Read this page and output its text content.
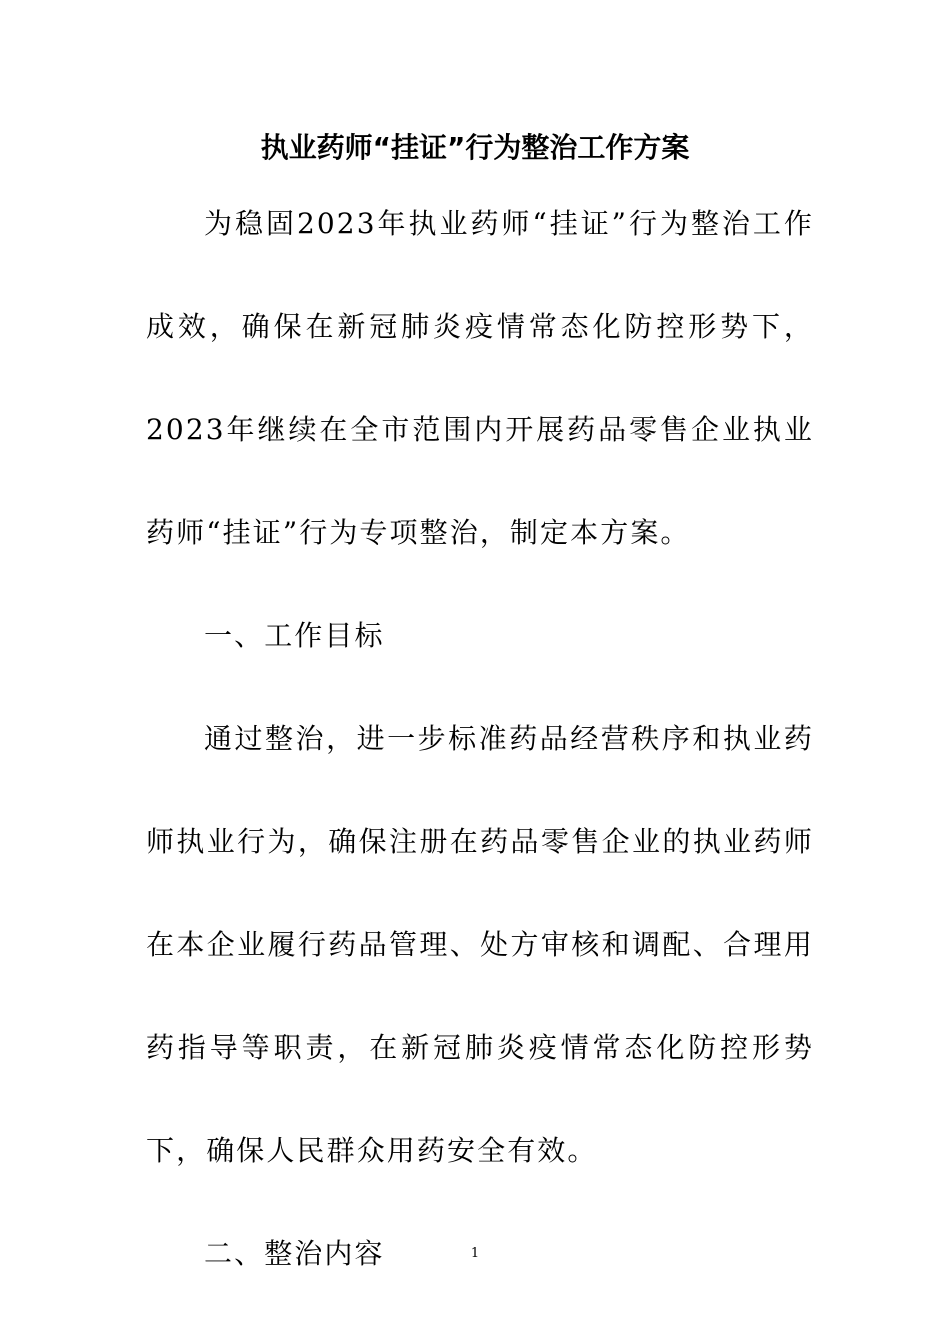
执业药师“挂证”行为整治工作方案

为稳固2023年执业药师“挂证”行为整治工作成效，确保在新冠肺炎疫情常态化防控形势下，2023年继续在全市范围内开展药品零售企业执业药师“挂证”行为专项整治，制定本方案。

一、工作目标

通过整治，进一步标准药品经营秩序和执业药师执业行为，确保注册在药品零售企业的执业药师在本企业履行药品管理、处方审核和调配、合理用药指导等职责，在新冠肺炎疫情常态化防控形势下，确保人民群众用药安全有效。

二、整治内容	1
